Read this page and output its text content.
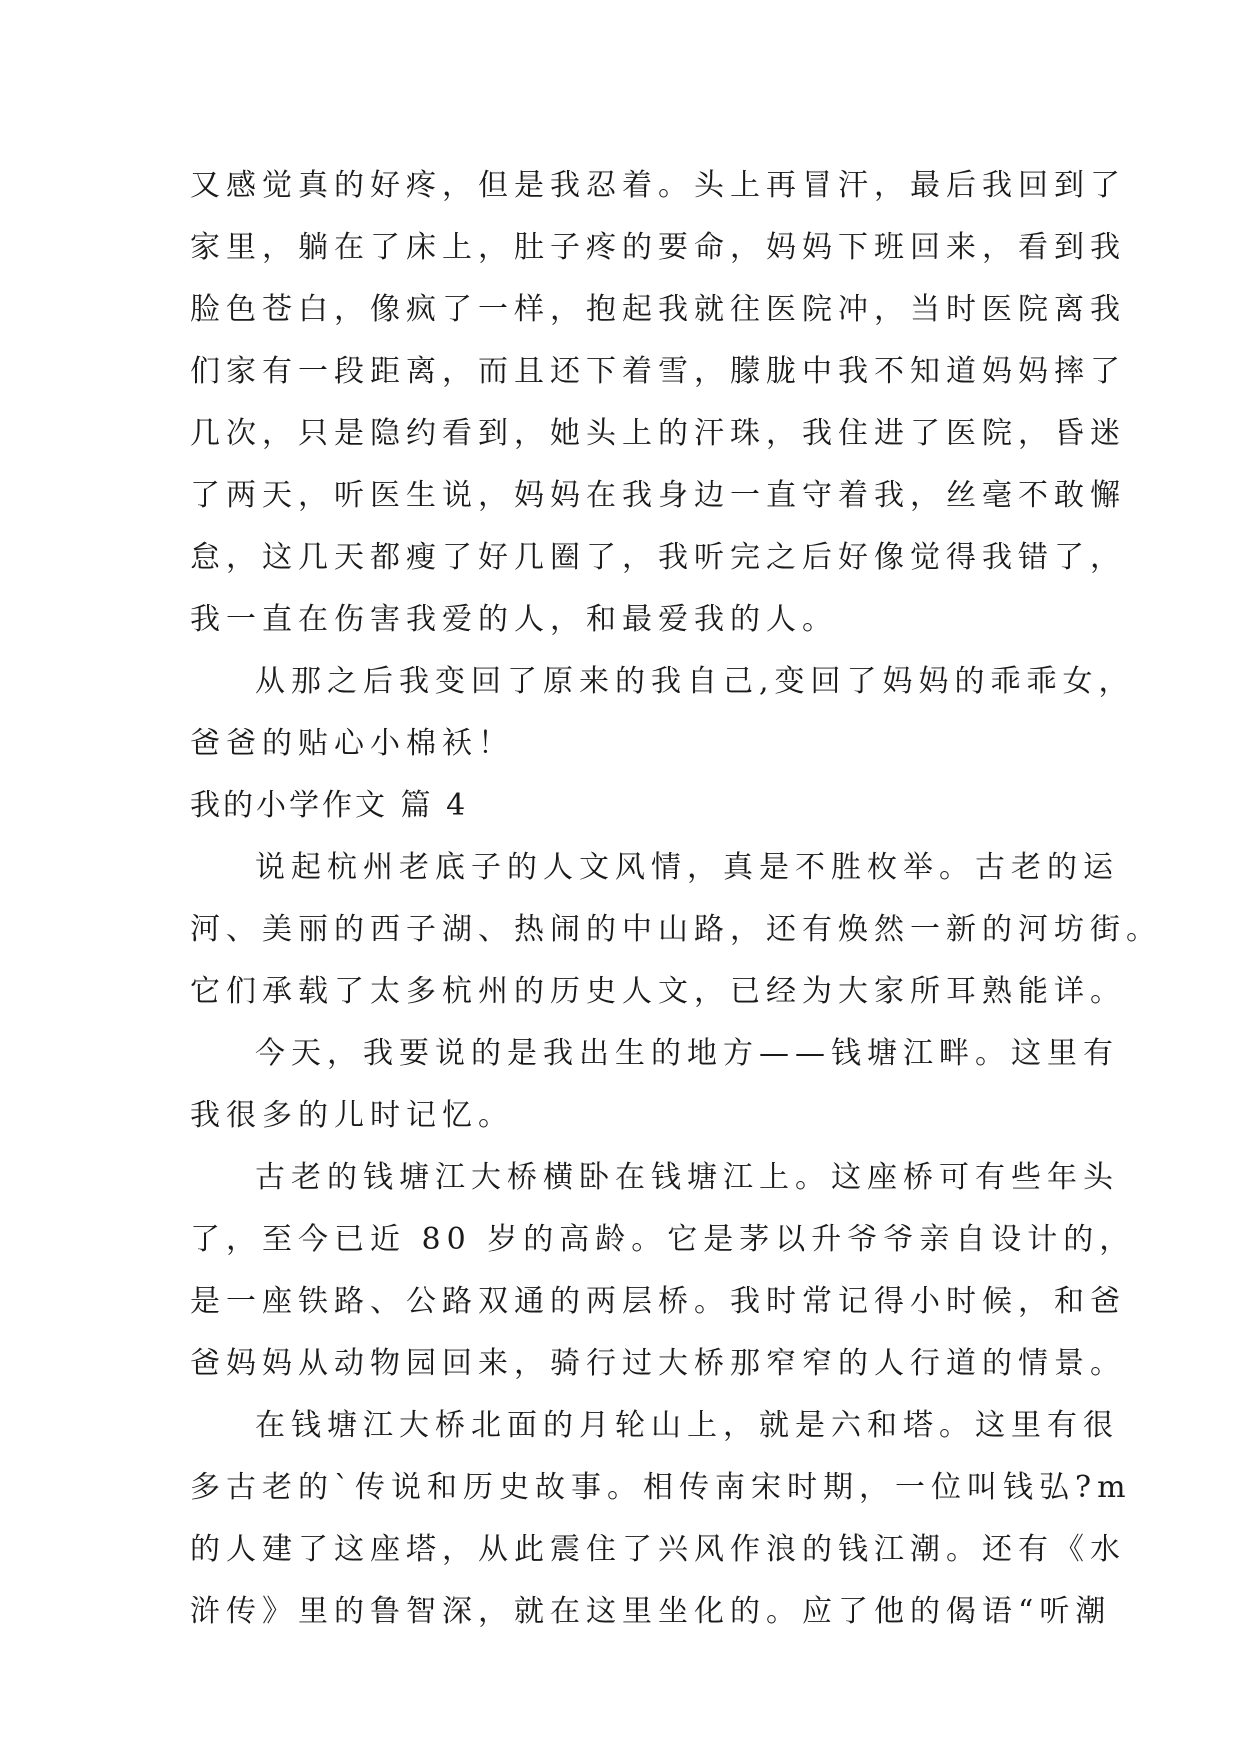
又感觉真的好疼，但是我忍着。头上再冒汗，最后我回到了
家里，躺在了床上，肚子疼的要命，妈妈下班回来，看到我
脸色苍白，像疯了一样，抱起我就往医院冲，当时医院离我
们家有一段距离，而且还下着雪，朦胧中我不知道妈妈摔了
几次，只是隐约看到，她头上的汗珠，我住进了医院，昏迷
了两天，听医生说，妈妈在我身边一直守着我，丝毫不敢懈
怠，这几天都瘦了好几圈了，我听完之后好像觉得我错了，
我一直在伤害我爱的人，和最爱我的人。
从那之后我变回了原来的我自己,变回了妈妈的乖乖女，
爸爸的贴心小棉袄！
我的小学作文 篇 4
说起杭州老底子的人文风情，真是不胜枚举。古老的运
河、美丽的西子湖、热闹的中山路，还有焕然一新的河坊街。
它们承载了太多杭州的历史人文，已经为大家所耳熟能详。
今天，我要说的是我出生的地方——钱塘江畔。这里有
我很多的儿时记忆。
古老的钱塘江大桥横卧在钱塘江上。这座桥可有些年头
了，至今已近 80 岁的高龄。它是茅以升爷爷亲自设计的，
是一座铁路、公路双通的两层桥。我时常记得小时候，和爸
爸妈妈从动物园回来，骑行过大桥那窄窄的人行道的情景。
在钱塘江大桥北面的月轮山上，就是六和塔。这里有很
多古老的`传说和历史故事。相传南宋时期，一位叫钱弘?m
的人建了这座塔，从此震住了兴风作浪的钱江潮。还有《水
浒传》里的鲁智深，就在这里坐化的。应了他的偈语“听潮
